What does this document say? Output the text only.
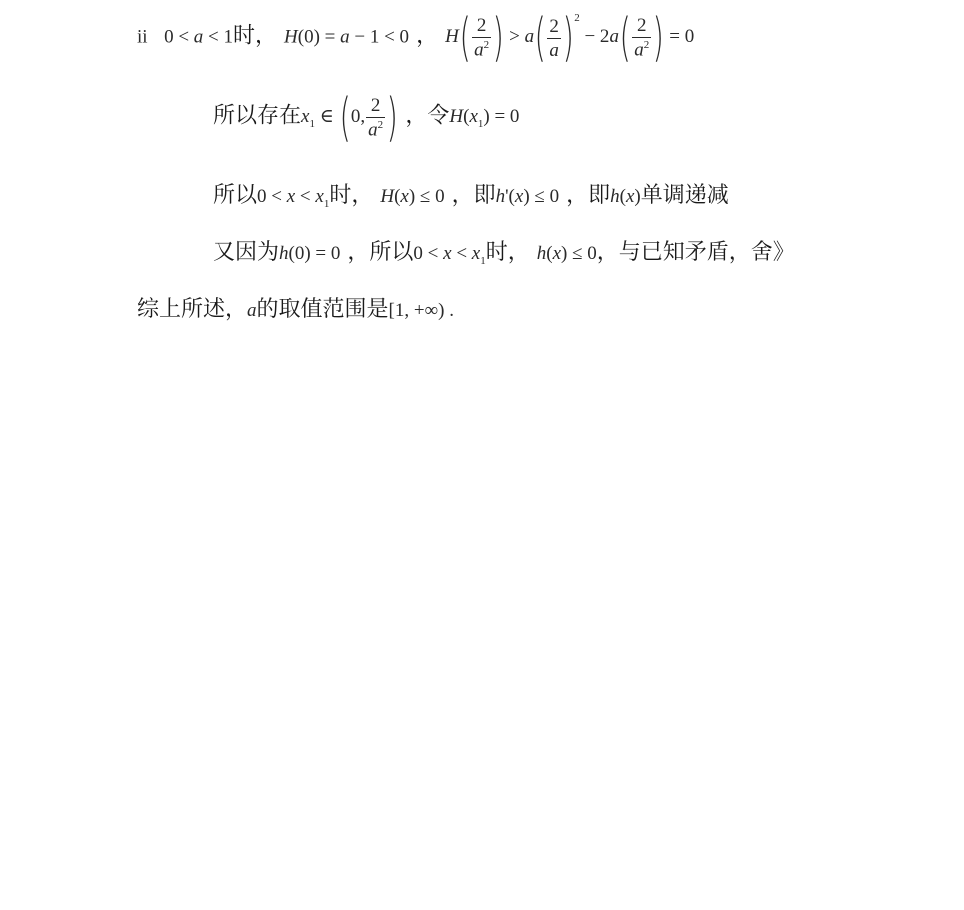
ii   0 < a < 1时， H(0) = a − 1 < 0 ， $H( \frac{2}{a^2}$ ) > $a( \frac{2}{a} )^2 - 2a( \frac{2}{a^2}$ ) = 0
所以存在$x_1$ ∈ (0, $\frac{2}{a^2}$ ) ，令$H(x_1) = 0$
所以$0 < x < x_1$时， H(x) ≤ 0 ，即h'(x) ≤ 0 ，即h(x)单调递减
又因为h(0) = 0 ，所以$0 < x < x_1$时， h(x) ≤ 0，与已知矛盾，舍》
综上所述，a的取值范围是[1, +∞) .
